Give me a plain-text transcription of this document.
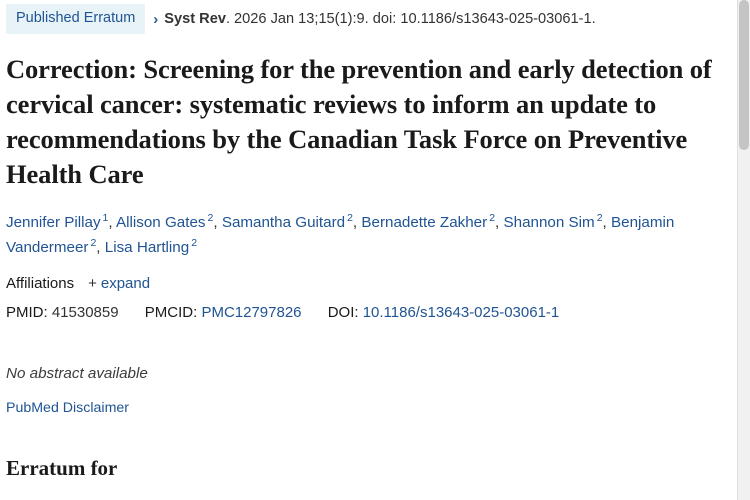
Published Erratum	› Syst Rev. 2026 Jan 13;15(1):9. doi: 10.1186/s13643-025-03061-1.
Correction: Screening for the prevention and early detection of cervical cancer: systematic reviews to inform an update to recommendations by the Canadian Task Force on Preventive Health Care
Jennifer Pillay $^1$, Allison Gates $^2$, Samantha Guitard $^2$, Bernadette Zakher $^2$, Shannon Sim $^2$, Benjamin Vandermeer $^2$, Lisa Hartling $^2$
Affiliations + expand
PMID: 41530859 PMCID: PMC12797826 DOI: 10.1186/s13643-025-03061-1
No abstract available
PubMed Disclaimer
Erratum for
